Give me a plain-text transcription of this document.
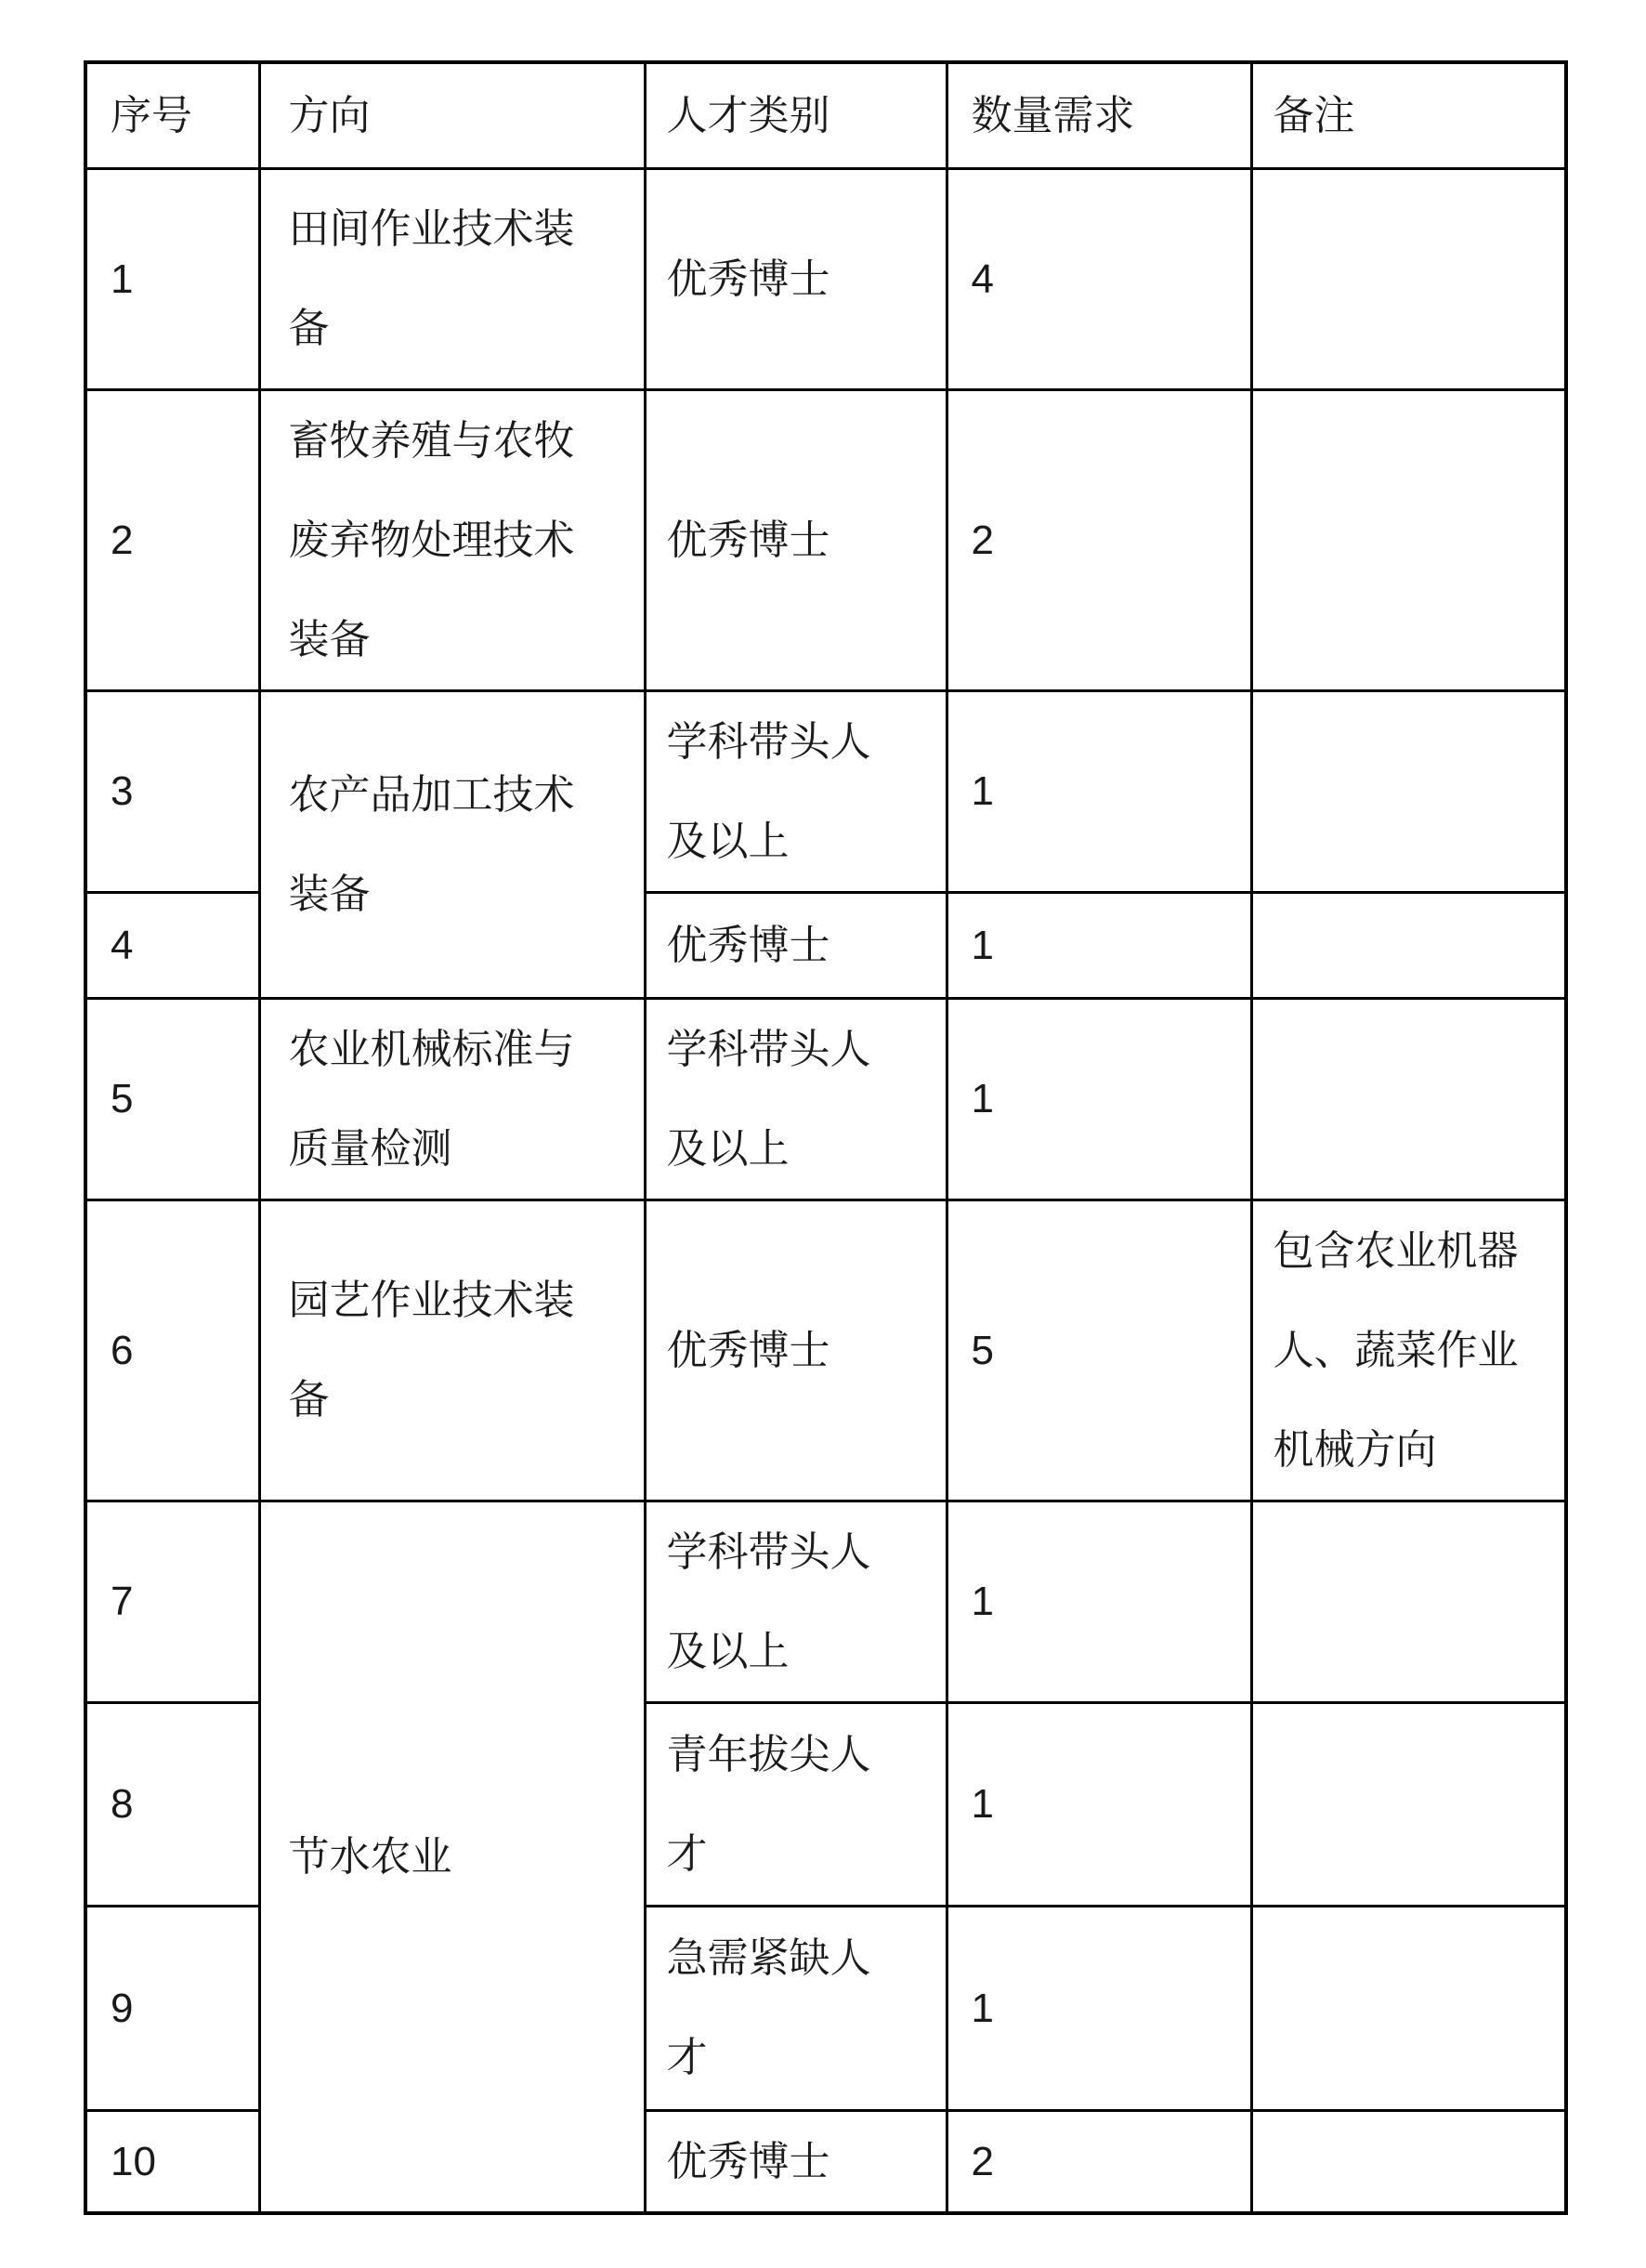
序号	方向	人才类别	数量需求	备注
1	田间作业技术装备	优秀博士	4	
2	畜牧养殖与农牧废弃物处理技术装备	优秀博士	2	
3	农产品加工技术装备	学科带头人及以上	1	
4		优秀博士	1	
5	农业机械标准与质量检测	学科带头人及以上	1	
6	园艺作业技术装备	优秀博士	5	包含农业机器人、蔬菜作业机械方向
7	节水农业	学科带头人及以上	1	
8		青年拔尖人才	1	
9		急需紧缺人才	1	
10		优秀博士	2	
